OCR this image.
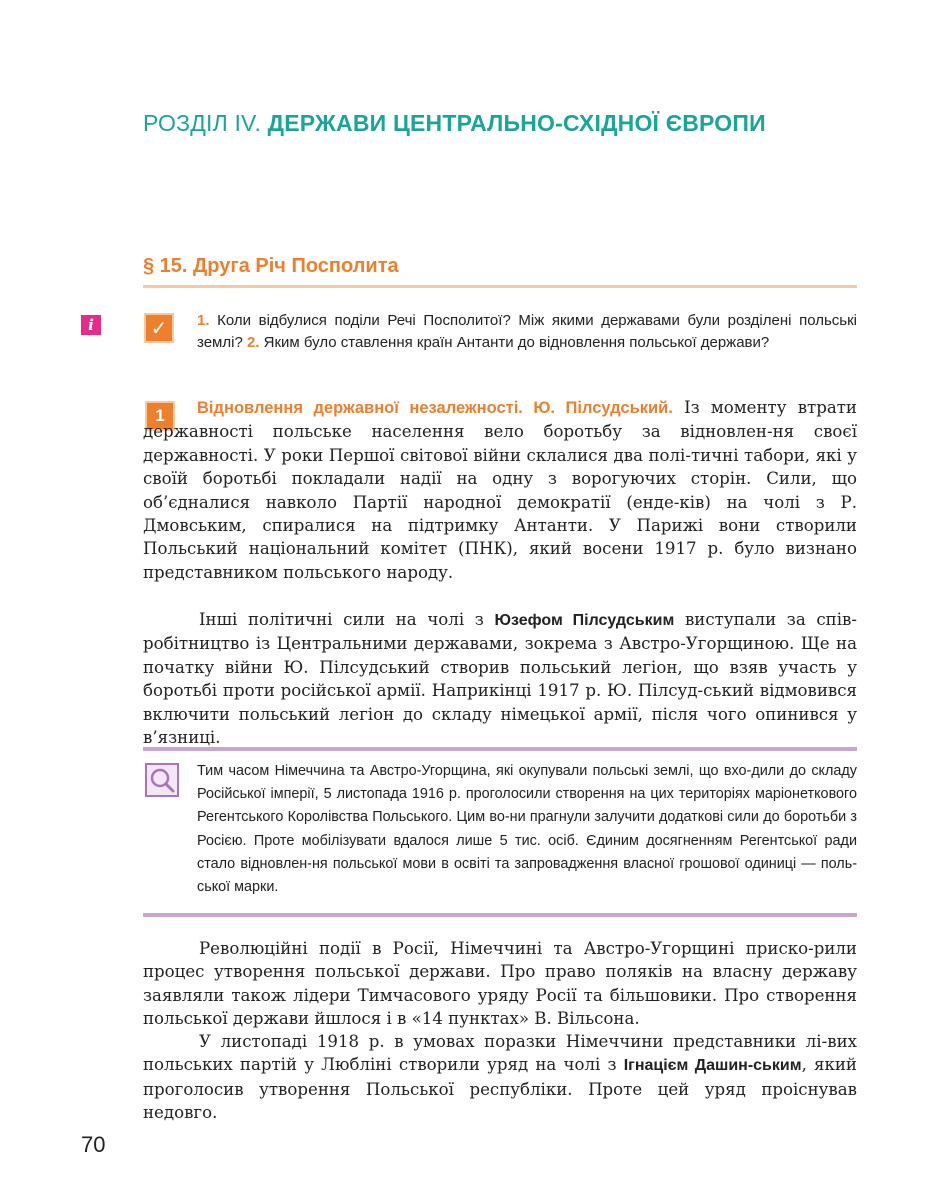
РОЗДІЛ IV. ДЕРЖАВИ ЦЕНТРАЛЬНО-СХІДНОЇ ЄВРОПИ
§ 15. Друга Річ Посполита
i	✓	1. Коли відбулися поділи Речі Посполитої? Між якими державами були розділені польські землі? 2. Яким було ставлення країн Антанти до відновлення польської держави?
1	Відновлення державної незалежності. Ю. Пілсудський. Із моменту втрати державності польське населення вело боротьбу за відновлен-ня своєї державності. У роки Першої світової війни склалися два полі-тичні табори, які у своїй боротьбі покладали надії на одну з ворогуючих сторін. Сили, що об’єдналися навколо Партії народної демократії (енде-ків) на чолі з Р. Дмовським, спиралися на підтримку Антанти. У Парижі вони створили Польський національний комітет (ПНК), який восени 1917 р. було визнано представником польського народу.
Інші політичні сили на чолі з Юзефом Пілсудським виступали за спів-робітництво із Центральними державами, зокрема з Австро-Угорщиною. Ще на початку війни Ю. Пілсудський створив польський легіон, що взяв участь у боротьбі проти російської армії. Наприкінці 1917 р. Ю. Пілсуд-ський відмовився включити польський легіон до складу німецької армії, після чого опинився у в’язниці.
Тим часом Німеччина та Австро-Угорщина, які окупували польські землі, що вхо-дили до складу Російської імперії, 5 листопада 1916 р. проголосили створення на цих територіях маріонеткового Регентського Королівства Польського. Цим во-ни прагнули залучити додаткові сили до боротьби з Росією. Проте мобілізувати вдалося лише 5 тис. осіб. Єдиним досягненням Регентської ради стало відновлен-ня польської мови в освіті та запровадження власної грошової одиниці — поль-ської марки.
Революційні події в Росії, Німеччині та Австро-Угорщині приско-рили процес утворення польської держави. Про право поляків на власну державу заявляли також лідери Тимчасового уряду Росії та більшовики. Про створення польської держави йшлося і в «14 пунктах» В. Вільсона.
У листопаді 1918 р. в умовах поразки Німеччини представники лі-вих польських партій у Любліні створили уряд на чолі з Ігнацієм Дашин-ським, який проголосив утворення Польської республіки. Проте цей уряд проіснував недовго.
70
